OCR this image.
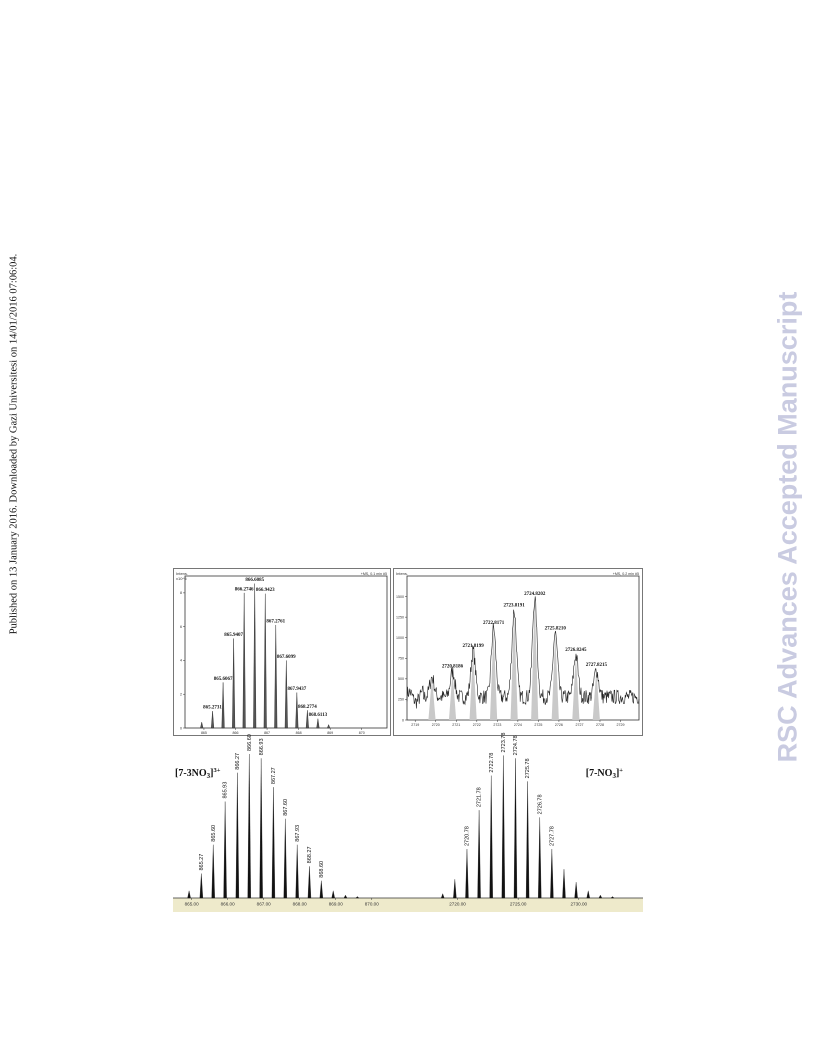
Published on 13 January 2016. Downloaded by Gazi Universitesi on 14/01/2016 07:06:04.	RSC Advances Accepted Manuscript
Intens.
x10^5
+MS, 0.1 min #5
0
2
4
6
8
865	866	867	868	869	870
865.2731
865.6067
865.9407
866.2746
866.6085
866.9423
867.2761
867.6099
867.9437
868.2774
868.6113
Intens.	+MS, 0.2 min #5
0
250
500
750
1000
1250
1500
2719	2720	2721	2722	2723	2724	2725	2726	2727	2728	2729
2720.8186
2721.8199
2722.8171
2723.8191
2724.8202
2725.8210
2726.8245
2727.8215
865.00	866.00	867.00	868.00	869.00	870.00
865.27
865.60
865.93
866.27
866.60 866.93
867.27
867.60
867.93
868.27
868.60
$[7-3NO_3]^{3+}$
2720.00	2725.00	2730.00
2720.78
2721.78
2722.78
2723.78 2724.78
2725.78
2726.78
2727.78
$[7-NO_3]^+$
